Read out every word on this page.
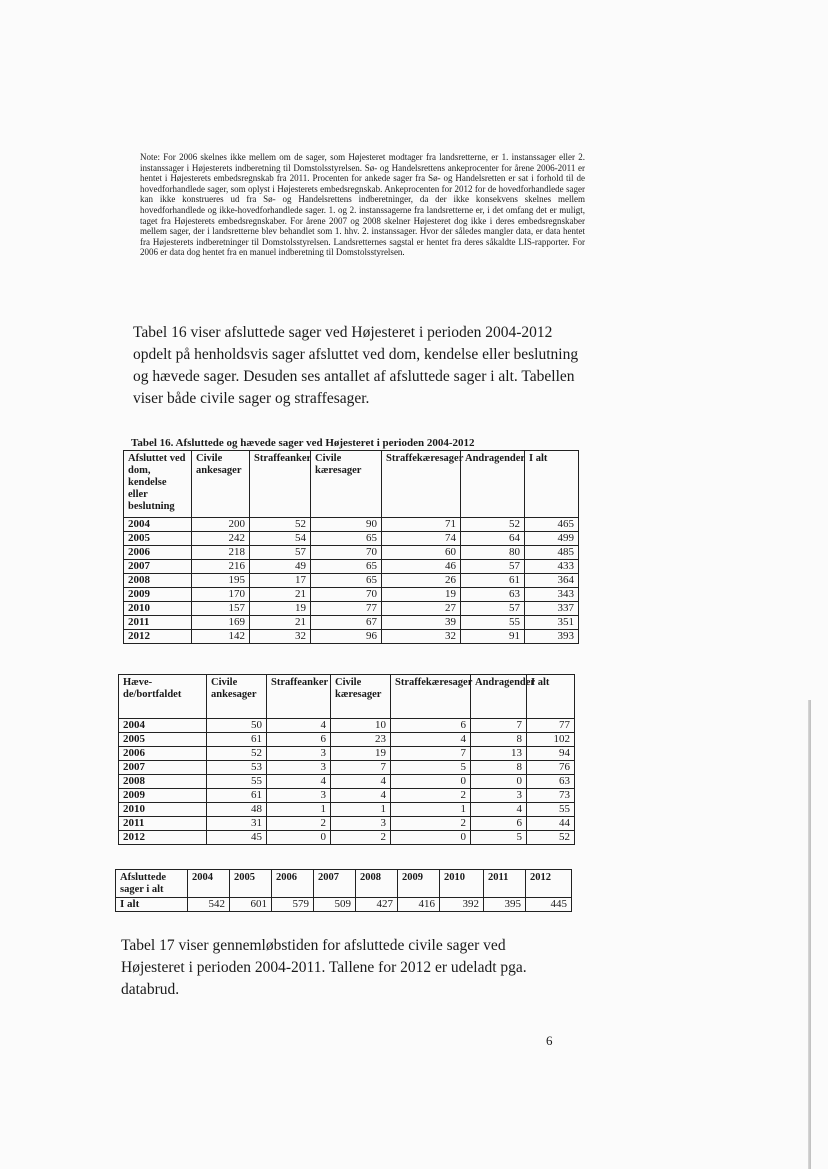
Note: For 2006 skelnes ikke mellem om de sager, som Højesteret modtager fra landsretterne, er 1. instanssager eller 2. instanssager i Højesterets indberetning til Domstolsstyrelsen. Sø- og Handelsrettens ankeprocenter for årene 2006-2011 er hentet i Højesterets embedsregnskab fra 2011. Procenten for ankede sager fra Sø- og Handelsretten er sat i forhold til de hovedforhandlede sager, som oplyst i Højesterets embedsregnskab. Ankeprocenten for 2012 for de hovedforhandlede sager kan ikke konstrueres ud fra Sø- og Handelsrettens indberetninger, da der ikke konsekvens skelnes mellem hovedforhandlede og ikke-hovedforhandlede sager. 1. og 2. instanssagerne fra landsretterne er, i det omfang det er muligt, taget fra Højesterets embedsregnskaber. For årene 2007 og 2008 skelner Højesteret dog ikke i deres embedsregnskaber mellem sager, der i landsretterne blev behandlet som 1. hhv. 2. instanssager. Hvor der således mangler data, er data hentet fra Højesterets indberetninger til Domstolsstyrelsen. Landsretternes sagstal er hentet fra deres såkaldte LIS-rapporter. For 2006 er data dog hentet fra en manuel indberetning til Domstolsstyrelsen.
Tabel 16 viser afsluttede sager ved Højesteret i perioden 2004-2012 opdelt på henholdsvis sager afsluttet ved dom, kendelse eller beslutning og hævede sager. Desuden ses antallet af afsluttede sager i alt. Tabellen viser både civile sager og straffesager.
Tabel 16. Afsluttede og hævede sager ved Højesteret i perioden 2004-2012
Afsluttet ved dom, kendelse eller beslutning	Civile ankesager	Straffeanker	Civile kæresager	Straffekæresager	Andragender	I alt
2004	200	52	90	71	52	465
2005	242	54	65	74	64	499
2006	218	57	70	60	80	485
2007	216	49	65	46	57	433
2008	195	17	65	26	61	364
2009	170	21	70	19	63	343
2010	157	19	77	27	57	337
2011	169	21	67	39	55	351
2012	142	32	96	32	91	393
Hæve-de/bortfaldet	Civile ankesager	Straffeanker	Civile kæresager	Straffekæresager	Andragender	I alt
2004	50	4	10	6	7	77
2005	61	6	23	4	8	102
2006	52	3	19	7	13	94
2007	53	3	7	5	8	76
2008	55	4	4	0	0	63
2009	61	3	4	2	3	73
2010	48	1	1	1	4	55
2011	31	2	3	2	6	44
2012	45	0	2	0	5	52
Afsluttede sager i alt	2004	2005	2006	2007	2008	2009	2010	2011	2012
I alt	542	601	579	509	427	416	392	395	445
Tabel 17 viser gennemløbstiden for afsluttede civile sager ved Højesteret i perioden 2004-2011. Tallene for 2012 er udeladt pga. databrud.
6
